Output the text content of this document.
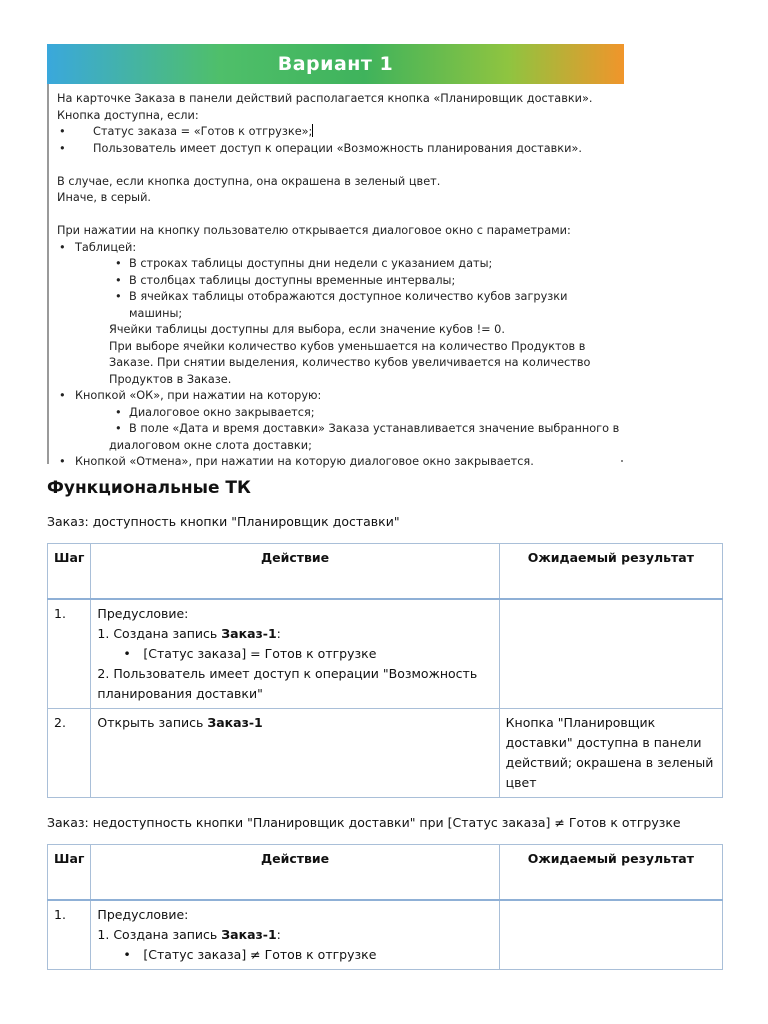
Вариант 1

На карточке Заказа в панели действий располагается кнопка «Планировщик доставки».

Кнопка доступна, если:

• Статус заказа = «Готов к отгрузке»;

• Пользователь имеет доступ к операции «Возможность планирования доставки».

В случае, если кнопка доступна, она окрашена в зеленый цвет.

Иначе, в серый.

При нажатии на кнопку пользователю открывается диалоговое окно с параметрами:

• Таблицей:

• В строках таблицы доступны дни недели с указанием даты;

• В столбцах таблицы доступны временные интервалы;

• В ячейках таблицы отображаются доступное количество кубов загрузки машины;

Ячейки таблицы доступны для выбора, если значение кубов != 0.

При выборе ячейки количество кубов уменьшается на количество Продуктов в

Заказе. При снятии выделения, количество кубов увеличивается на количество

Продуктов в Заказе.

• Кнопкой «ОК», при нажатии на которую:

• Диалоговое окно закрывается;

• В поле «Дата и время доставки» Заказа устанавливается значение выбранного в

диалоговом окне слота доставки;

• Кнопкой «Отмена», при нажатии на которую диалоговое окно закрывается.

Функциональные ТК
Заказ: доступность кнопки "Планировщик доставки"
Шаг	Действие	Ожидаемый результат
1.	Предусловие:
1. Создана запись Заказ-1:
• [Статус заказа] = Готов к отгрузке
2. Пользователь имеет доступ к операции "Возможность
планирования доставки"

2.	Открыть запись Заказ-1	Кнопка "Планировщик
доставки" доступна в панели
действий; окрашена в зеленый
цвет
Заказ: недоступность кнопки "Планировщик доставки" при [Статус заказа] ≠ Готов к отгрузке
Шаг	Действие	Ожидаемый результат
1.	Предусловие:
1. Создана запись Заказ-1:
• [Статус заказа] ≠ Готов к отгрузке
